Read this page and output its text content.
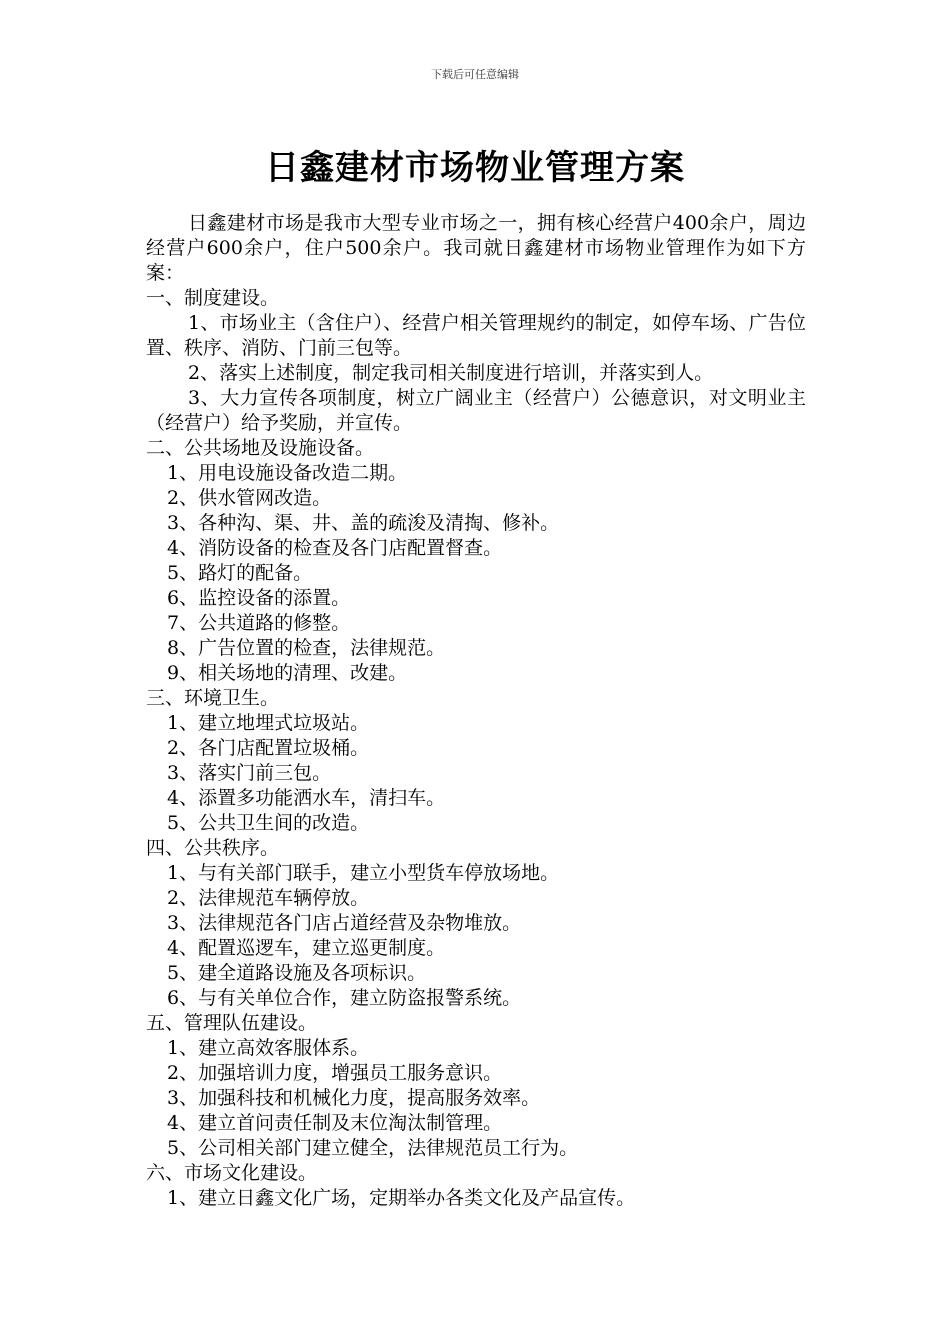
下载后可任意编辑
日鑫建材市场物业管理方案
日鑫建材市场是我市大型专业市场之一，拥有核心经营户400余户，周边经营户600余户，住户500余户。我司就日鑫建材市场物业管理作为如下方案：
一、制度建设。
1、市场业主（含住户）、经营户相关管理规约的制定，如停车场、广告位置、秩序、消防、门前三包等。
2、落实上述制度，制定我司相关制度进行培训，并落实到人。
3、大力宣传各项制度，树立广阔业主（经营户）公德意识，对文明业主（经营户）给予奖励，并宣传。
二、公共场地及设施设备。
1、用电设施设备改造二期。
2、供水管网改造。
3、各种沟、渠、井、盖的疏浚及清掏、修补。
4、消防设备的检查及各门店配置督查。
5、路灯的配备。
6、监控设备的添置。
7、公共道路的修整。
8、广告位置的检查，法律规范。
9、相关场地的清理、改建。
三、环境卫生。
1、建立地埋式垃圾站。
2、各门店配置垃圾桶。
3、落实门前三包。
4、添置多功能洒水车，清扫车。
5、公共卫生间的改造。
四、公共秩序。
1、与有关部门联手，建立小型货车停放场地。
2、法律规范车辆停放。
3、法律规范各门店占道经营及杂物堆放。
4、配置巡逻车，建立巡更制度。
5、建全道路设施及各项标识。
6、与有关单位合作，建立防盗报警系统。
五、管理队伍建设。
1、建立高效客服体系。
2、加强培训力度，增强员工服务意识。
3、加强科技和机械化力度，提高服务效率。
4、建立首问责任制及末位淘汰制管理。
5、公司相关部门建立健全，法律规范员工行为。
六、市场文化建设。
1、建立日鑫文化广场，定期举办各类文化及产品宣传。
